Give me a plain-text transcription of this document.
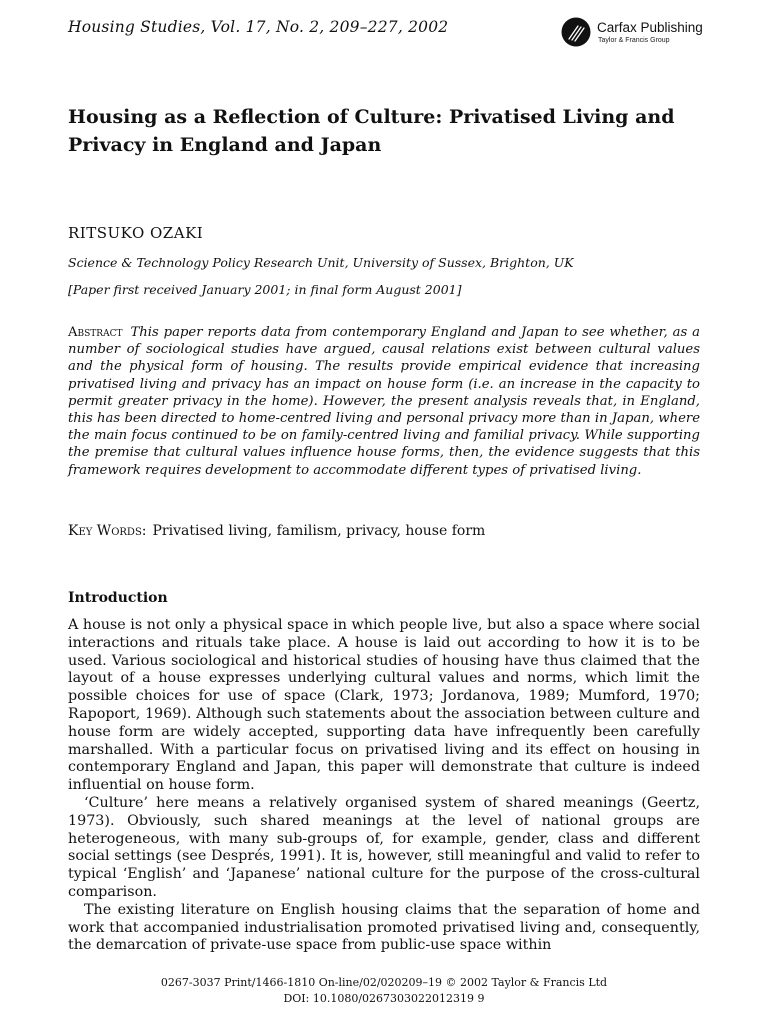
Housing Studies, Vol. 17, No. 2, 209–227, 2002	Carfax Publishing
Taylor & Francis Group
Housing as a Reflection of Culture: Privatised Living and Privacy in England and Japan
RITSUKO OZAKI
Science & Technology Policy Research Unit, University of Sussex, Brighton, UK
[Paper first received January 2001; in final form August 2001]

Abstract This paper reports data from contemporary England and Japan to see whether, as a number of sociological studies have argued, causal relations exist between cultural values and the physical form of housing. The results provide empirical evidence that increasing privatised living and privacy has an impact on house form (i.e. an increase in the capacity to permit greater privacy in the home). However, the present analysis reveals that, in England, this has been directed to home-centred living and personal privacy more than in Japan, where the main focus continued to be on family-centred living and familial privacy. While supporting the premise that cultural values influence house forms, then, the evidence suggests that this framework requires development to accommodate different types of privatised living.

Key Words: Privatised living, familism, privacy, house form
Introduction

A house is not only a physical space in which people live, but also a space where social interactions and rituals take place. A house is laid out according to how it is to be used. Various sociological and historical studies of housing have thus claimed that the layout of a house expresses underlying cultural values and norms, which limit the possible choices for use of space (Clark, 1973; Jordanova, 1989; Mumford, 1970; Rapoport, 1969). Although such statements about the association between culture and house form are widely accepted, supporting data have infrequently been carefully marshalled. With a particular focus on privatised living and its effect on housing in contemporary England and Japan, this paper will demonstrate that culture is indeed influential on house form.

‘Culture’ here means a relatively organised system of shared meanings (Geertz, 1973). Obviously, such shared meanings at the level of national groups are heterogeneous, with many sub-groups of, for example, gender, class and different social settings (see Després, 1991). It is, however, still meaningful and valid to refer to typical ‘English’ and ‘Japanese’ national culture for the purpose of the cross-cultural comparison.

The existing literature on English housing claims that the separation of home and work that accompanied industrialisation promoted privatised living and, consequently, the demarcation of private-use space from public-use space within

0267-3037 Print/1466-1810 On-line/02/020209–19 © 2002 Taylor & Francis Ltd
DOI: 10.1080/0267303022012319 9
